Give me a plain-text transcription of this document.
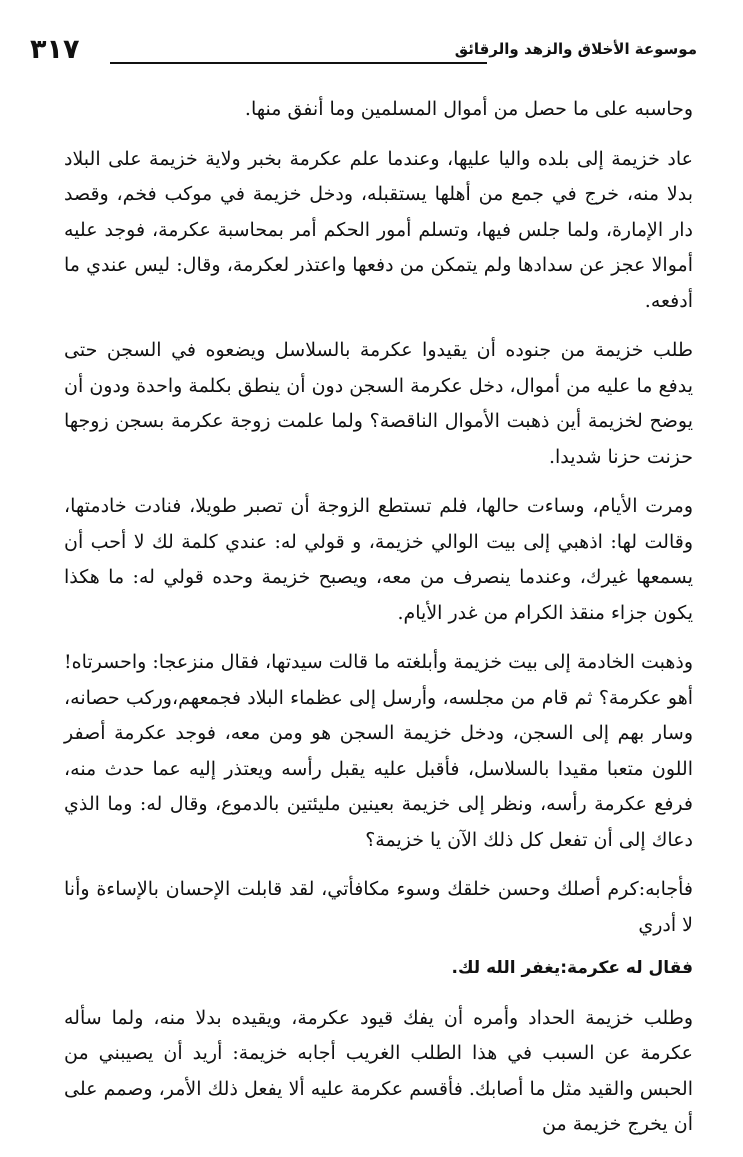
موسوعة الأخلاق والزهد والرقائق
٣١٧

وحاسبه على ما حصل من أموال المسلمين وما أنفق منها.

عاد خزيمة إلى بلده واليا عليها، وعندما علم عكرمة بخبر ولاية خزيمة على البلاد بدلا منه، خرج في جمع من أهلها يستقبله، ودخل خزيمة في موكب فخم، وقصد دار الإمارة، ولما جلس فيها، وتسلم أمور الحكم أمر بمحاسبة عكرمة، فوجد عليه أموالا عجز عن سدادها ولم يتمكن من دفعها واعتذر لعكرمة، وقال: ليس عندي ما أدفعه.

طلب خزيمة من جنوده أن يقيدوا عكرمة بالسلاسل ويضعوه في السجن حتى يدفع ما عليه من أموال، دخل عكرمة السجن دون أن ينطق بكلمة واحدة ودون أن يوضح لخزيمة أين ذهبت الأموال الناقصة؟ ولما علمت زوجة عكرمة بسجن زوجها حزنت حزنا شديدا.

ومرت الأيام، وساءت حالها، فلم تستطع الزوجة أن تصبر طويلا، فنادت خادمتها، وقالت لها: اذهبي إلى بيت الوالي خزيمة، و قولي له: عندي كلمة لك لا أحب أن يسمعها غيرك، وعندما ينصرف من معه، ويصبح خزيمة وحده قولي له: ما هكذا يكون جزاء منقذ الكرام من غدر الأيام.

وذهبت الخادمة إلى بيت خزيمة وأبلغته ما قالت سيدتها، فقال منزعجا: واحسرتاه! أهو عكرمة؟ ثم قام من مجلسه، وأرسل إلى عظماء البلاد فجمعهم،وركب حصانه، وسار بهم إلى السجن، ودخل خزيمة السجن هو ومن معه، فوجد عكرمة أصفر اللون متعبا مقيدا بالسلاسل، فأقبل عليه يقبل رأسه ويعتذر إليه عما حدث منه، فرفع عكرمة رأسه، ونظر إلى خزيمة بعينين مليئتين بالدموع، وقال له: وما الذي دعاك إلى أن تفعل كل ذلك الآن يا خزيمة؟

فأجابه:كرم أصلك وحسن خلقك وسوء مكافأتي، لقد قابلت الإحسان بالإساءة وأنا لا أدري

فقال له عكرمة:يغفر الله لك.

وطلب خزيمة الحداد وأمره أن يفك قيود عكرمة، ويقيده بدلا منه، ولما سأله عكرمة عن السبب في هذا الطلب الغريب أجابه خزيمة: أريد أن يصيبني من الحبس والقيد مثل ما أصابك. فأقسم عكرمة عليه ألا يفعل ذلك الأمر، وصمم على أن يخرج خزيمة من
